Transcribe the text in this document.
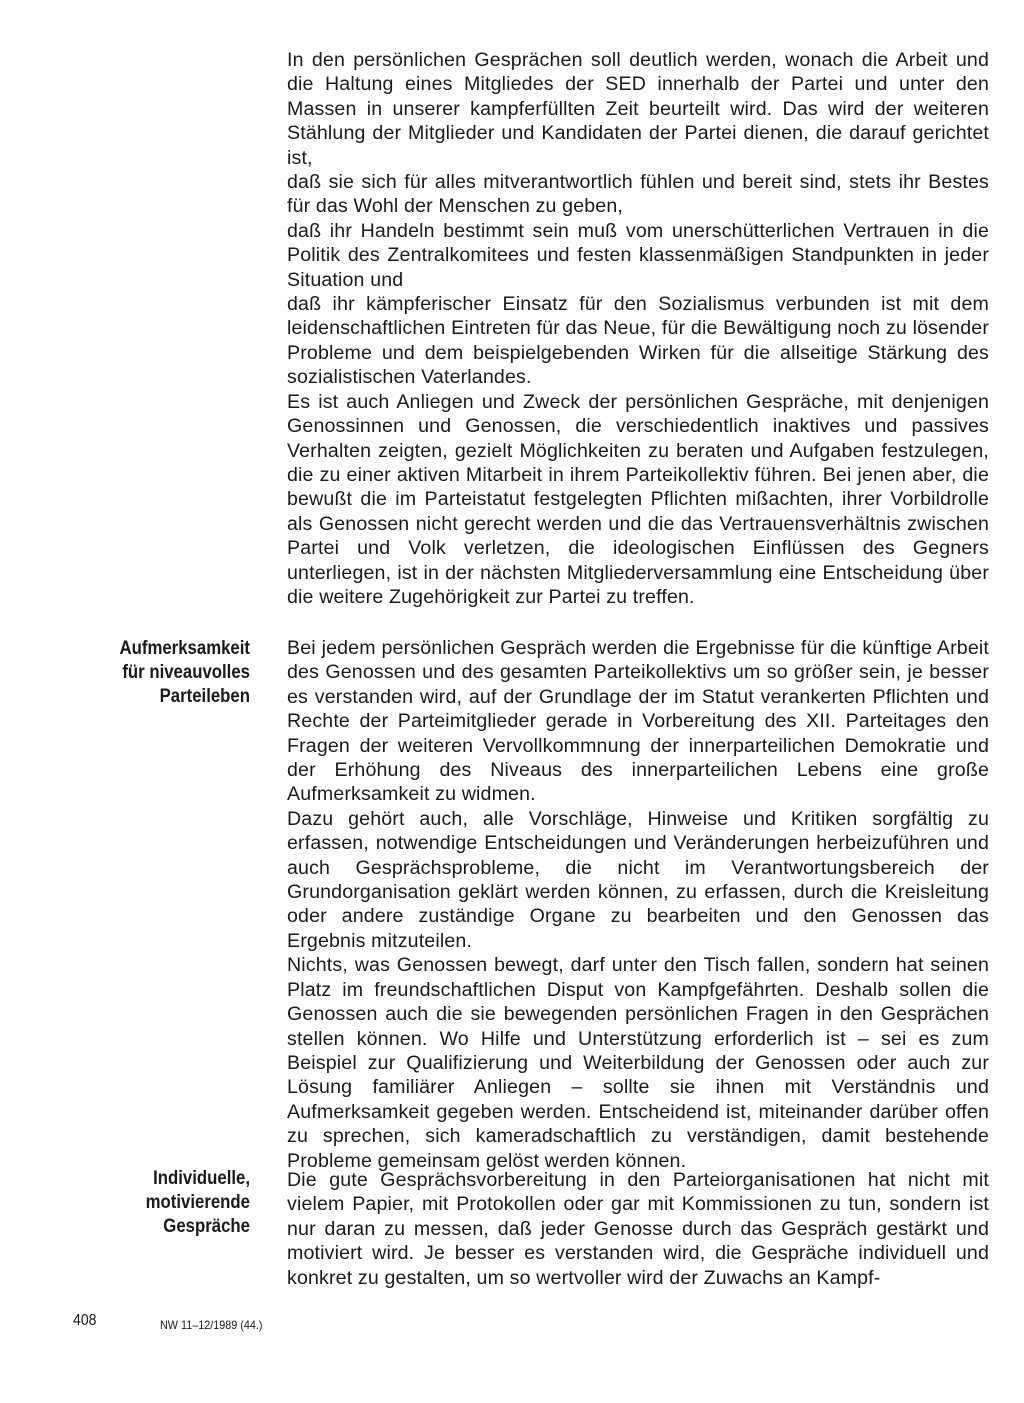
In den persönlichen Gesprächen soll deutlich werden, wonach die Arbeit und die Haltung eines Mitgliedes der SED innerhalb der Partei und unter den Massen in unserer kampferfüllten Zeit beurteilt wird. Das wird der weiteren Stählung der Mitglieder und Kandidaten der Partei dienen, die darauf gerichtet ist,

daß sie sich für alles mitverantwortlich fühlen und bereit sind, stets ihr Bestes für das Wohl der Menschen zu geben,

daß ihr Handeln bestimmt sein muß vom unerschütterlichen Vertrauen in die Politik des Zentralkomitees und festen klassenmäßigen Standpunkten in jeder Situation und

daß ihr kämpferischer Einsatz für den Sozialismus verbunden ist mit dem leidenschaftlichen Eintreten für das Neue, für die Bewältigung noch zu lösender Probleme und dem beispielgebenden Wirken für die allseitige Stärkung des sozialistischen Vaterlandes.

Es ist auch Anliegen und Zweck der persönlichen Gespräche, mit denjenigen Genossinnen und Genossen, die verschiedentlich inaktives und passives Verhalten zeigten, gezielt Möglichkeiten zu beraten und Aufgaben festzulegen, die zu einer aktiven Mitarbeit in ihrem Parteikollektiv führen. Bei jenen aber, die bewußt die im Parteistatut festgelegten Pflichten mißachten, ihrer Vorbildrolle als Genossen nicht gerecht werden und die das Vertrauensverhältnis zwischen Partei und Volk verletzen, die ideologischen Einflüssen des Gegners unterliegen, ist in der nächsten Mitgliederversammlung eine Entscheidung über die weitere Zugehörigkeit zur Partei zu treffen.

Aufmerksamkeit
für niveauvolles
Parteileben

Bei jedem persönlichen Gespräch werden die Ergebnisse für die künftige Arbeit des Genossen und des gesamten Parteikollektivs um so größer sein, je besser es verstanden wird, auf der Grundlage der im Statut verankerten Pflichten und Rechte der Parteimitglieder gerade in Vorbereitung des XII. Parteitages den Fragen der weiteren Vervollkommnung der innerparteilichen Demokratie und der Erhöhung des Niveaus des innerparteilichen Lebens eine große Aufmerksamkeit zu widmen.

Dazu gehört auch, alle Vorschläge, Hinweise und Kritiken sorgfältig zu erfassen, notwendige Entscheidungen und Veränderungen herbeizuführen und auch Gesprächsprobleme, die nicht im Verantwortungsbereich der Grundorganisation geklärt werden können, zu erfassen, durch die Kreisleitung oder andere zuständige Organe zu bearbeiten und den Genossen das Ergebnis mitzuteilen.

Nichts, was Genossen bewegt, darf unter den Tisch fallen, sondern hat seinen Platz im freundschaftlichen Disput von Kampfgefährten. Deshalb sollen die Genossen auch die sie bewegenden persönlichen Fragen in den Gesprächen stellen können. Wo Hilfe und Unterstützung erforderlich ist – sei es zum Beispiel zur Qualifizierung und Weiterbildung der Genossen oder auch zur Lösung familiärer Anliegen – sollte sie ihnen mit Verständnis und Aufmerksamkeit gegeben werden. Entscheidend ist, miteinander darüber offen zu sprechen, sich kameradschaftlich zu verständigen, damit bestehende Probleme gemeinsam gelöst werden können.

Individuelle,
motivierende
Gespräche

Die gute Gesprächsvorbereitung in den Parteiorganisationen hat nicht mit vielem Papier, mit Protokollen oder gar mit Kommissionen zu tun, sondern ist nur daran zu messen, daß jeder Genosse durch das Gespräch gestärkt und motiviert wird. Je besser es verstanden wird, die Gespräche individuell und konkret zu gestalten, um so wertvoller wird der Zuwachs an Kampf-

408	NW 11–12/1989 (44.)
